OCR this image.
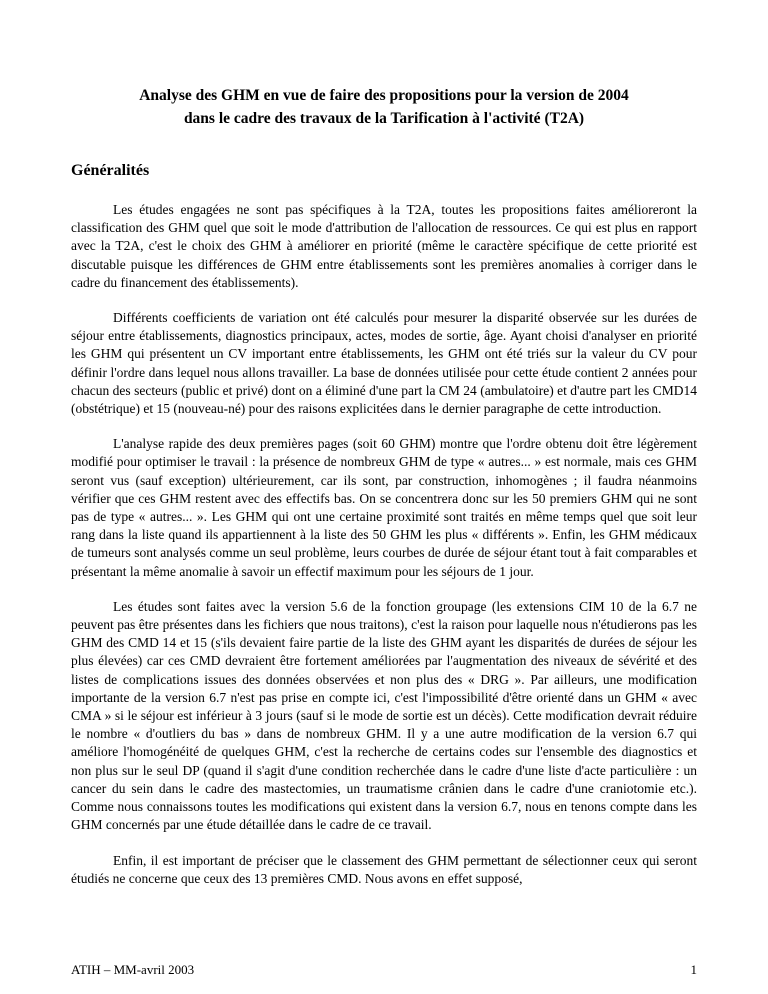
Analyse des GHM en vue de faire des propositions pour la version de 2004
dans le cadre des travaux de la Tarification à l'activité (T2A)
Généralités

Les études engagées ne sont pas spécifiques à la T2A, toutes les propositions faites amélioreront la classification des GHM quel que soit le mode d'attribution de l'allocation de ressources. Ce qui est plus en rapport avec la T2A, c'est le choix des GHM à améliorer en priorité (même le caractère spécifique de cette priorité est discutable puisque les différences de GHM entre établissements sont les premières anomalies à corriger dans le cadre du financement des établissements).

Différents coefficients de variation ont été calculés pour mesurer la disparité observée sur les durées de séjour entre établissements, diagnostics principaux, actes, modes de sortie, âge. Ayant choisi d'analyser en priorité les GHM qui présentent un CV important entre établissements, les GHM ont été triés sur la valeur du CV pour définir l'ordre dans lequel nous allons travailler. La base de données utilisée pour cette étude contient 2 années pour chacun des secteurs (public et privé) dont on a éliminé d'une part la CM 24 (ambulatoire) et d'autre part les CMD14 (obstétrique) et 15 (nouveau-né) pour des raisons explicitées dans le dernier paragraphe de cette introduction.

L'analyse rapide des deux premières pages (soit 60 GHM) montre que l'ordre obtenu doit être légèrement modifié pour optimiser le travail : la présence de nombreux GHM de type « autres... » est normale, mais ces GHM seront vus (sauf exception) ultérieurement, car ils sont, par construction, inhomogènes ; il faudra néanmoins vérifier que ces GHM restent avec des effectifs bas. On se concentrera donc sur les 50 premiers GHM qui ne sont pas de type « autres... ». Les GHM qui ont une certaine proximité sont traités en même temps quel que soit leur rang dans la liste quand ils appartiennent à la liste des 50 GHM les plus « différents ». Enfin, les GHM médicaux de tumeurs sont analysés comme un seul problème, leurs courbes de durée de séjour étant tout à fait comparables et présentant la même anomalie à savoir un effectif maximum pour les séjours de 1 jour.

Les études sont faites avec la version 5.6 de la fonction groupage (les extensions CIM 10 de la 6.7 ne peuvent pas être présentes dans les fichiers que nous traitons), c'est la raison pour laquelle nous n'étudierons pas les GHM des CMD 14 et 15 (s'ils devaient faire partie de la liste des GHM ayant les disparités de durées de séjour les plus élevées) car ces CMD devraient être fortement améliorées par l'augmentation des niveaux de sévérité et des listes de complications issues des données observées et non plus des « DRG ». Par ailleurs, une modification importante de la version 6.7 n'est pas prise en compte ici, c'est l'impossibilité d'être orienté dans un GHM « avec CMA » si le séjour est inférieur à 3 jours (sauf si le mode de sortie est un décès). Cette modification devrait réduire le nombre « d'outliers du bas » dans de nombreux GHM. Il y a une autre modification de la version 6.7 qui améliore l'homogénéité de quelques GHM, c'est la recherche de certains codes sur l'ensemble des diagnostics et non plus sur le seul DP (quand il s'agit d'une condition recherchée dans le cadre d'une liste d'acte particulière : un cancer du sein dans le cadre des mastectomies, un traumatisme crânien dans le cadre d'une craniotomie etc.). Comme nous connaissons toutes les modifications qui existent dans la version 6.7, nous en tenons compte dans les GHM concernés par une étude détaillée dans le cadre de ce travail.

Enfin, il est important de préciser que le classement des GHM permettant de sélectionner ceux qui seront étudiés ne concerne que ceux des 13 premières CMD. Nous avons en effet supposé,

ATIH – MM-avril 2003	1
